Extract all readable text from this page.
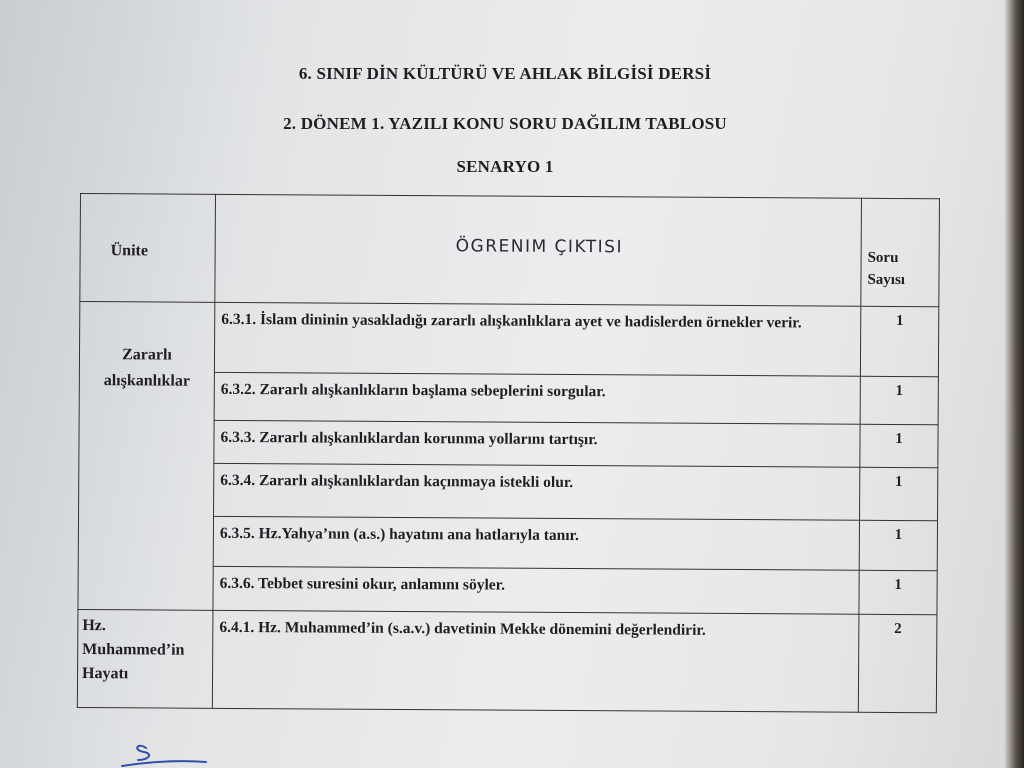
6. SINIF DİN KÜLTÜRÜ VE AHLAK BİLGİSİ DERSİ
2. DÖNEM 1. YAZILI KONU SORU DAĞILIM TABLOSU
SENARYO 1
Ünite	ÖGRENIM ÇIKTISI	Soru
Sayısı
Zararlı
alışkanlıklar	6.3.1. İslam dininin yasakladığı zararlı alışkanlıklara ayet ve hadislerden örnekler verir.	1
	6.3.2. Zararlı alışkanlıkların başlama sebeplerini sorgular.	1
	6.3.3. Zararlı alışkanlıklardan korunma yollarını tartışır.	1
	6.3.4. Zararlı alışkanlıklardan kaçınmaya istekli olur.	1
	6.3.5. Hz.Yahya’nın (a.s.) hayatını ana hatlarıyla tanır.	1
	6.3.6. Tebbet suresini okur, anlamını söyler.	1
Hz.
Muhammed’in
Hayatı	6.4.1. Hz. Muhammed’in (s.a.v.) davetinin Mekke dönemini değerlendirir.	2
